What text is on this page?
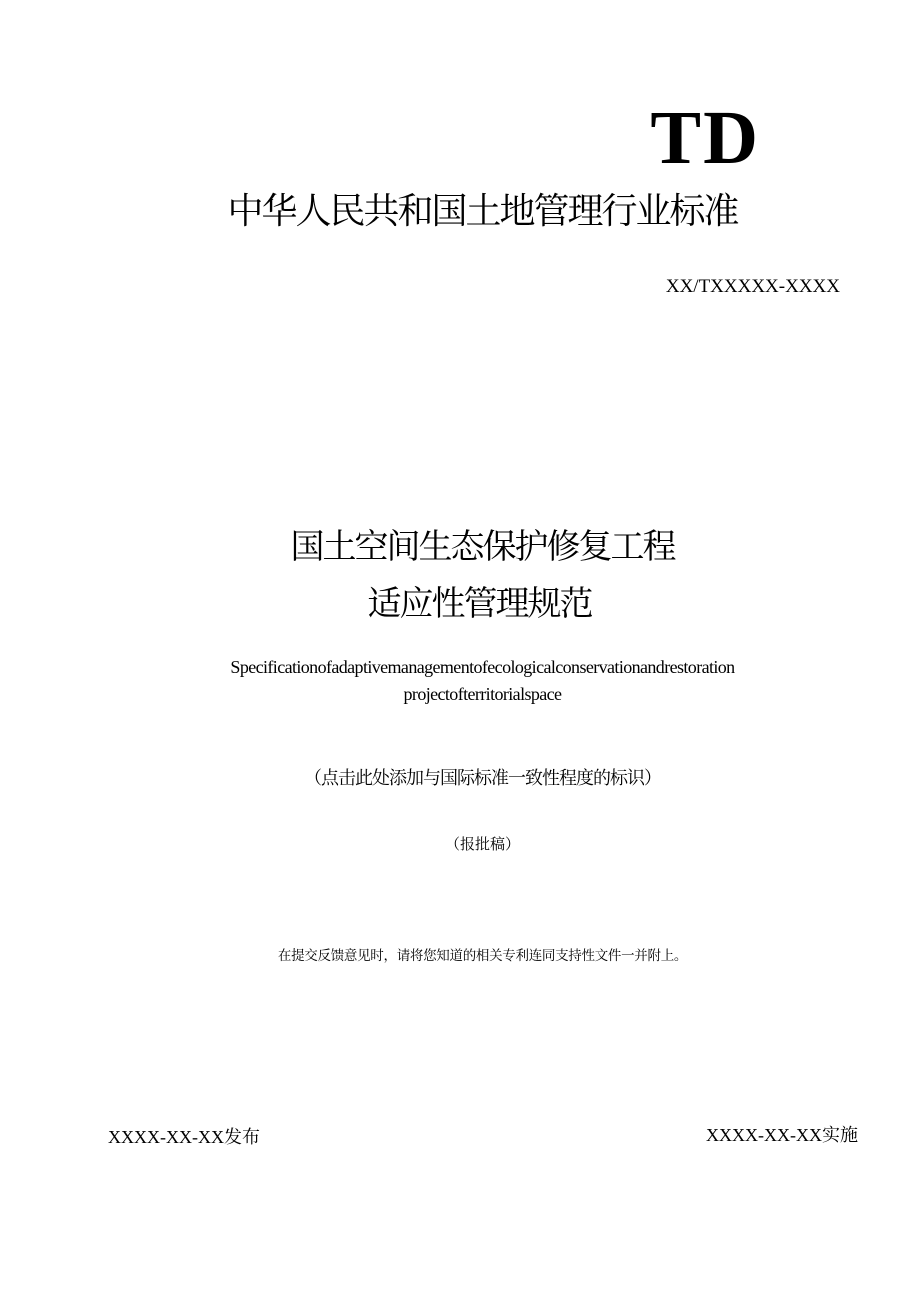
TD
中华人民共和国土地管理行业标准
XX/TXXXXX-XXXX
国土空间生态保护修复工程
适应性管理规范
Specificationofadaptivemanagementofecologicalconservationandrestoration
projectofterritorialspace
（点击此处添加与国际标准一致性程度的标识）
（报批稿）
在提交反馈意见时，请将您知道的相关专利连同支持性文件一并附上。
XXXX-XX-XX发布	XXXX-XX-XX实施
